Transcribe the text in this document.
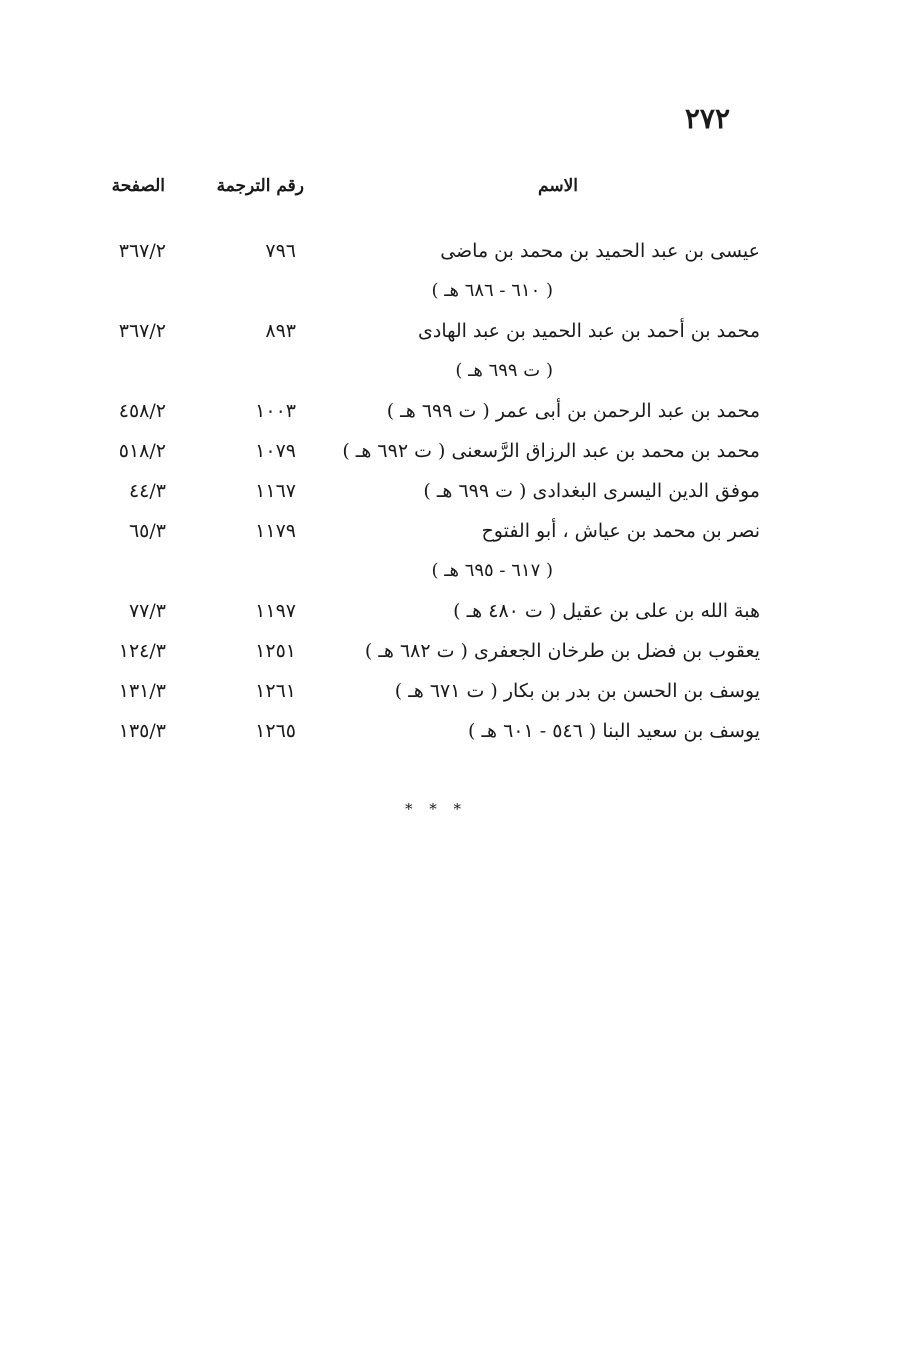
٢٧٢
الاسم
رقم الترجمة
الصفحة
عيسى بن عبد الحميد بن محمد بن ماضى
٧٩٦
٣٦٧/٢
( ٦١٠ - ٦٨٦ هـ )
محمد بن أحمد بن عبد الحميد بن عبد الهادى
٨٩٣
٣٦٧/٢
( ت ٦٩٩ هـ )
محمد بن عبد الرحمن بن أبى عمر ( ت ٦٩٩ هـ )
١٠٠٣
٤٥٨/٢
محمد بن محمد بن عبد الرزاق الرَّسعنى ( ت ٦٩٢ هـ )
١٠٧٩
٥١٨/٢
موفق الدين اليسرى البغدادى ( ت ٦٩٩ هـ )
١١٦٧
٤٤/٣
نصر بن محمد بن عياش ، أبو الفتوح
١١٧٩
٦٥/٣
( ٦١٧ - ٦٩٥ هـ )
هبة الله بن على بن عقيل ( ت ٤٨٠ هـ )
١١٩٧
٧٧/٣
يعقوب بن فضل بن طرخان الجعفرى ( ت ٦٨٢ هـ )
١٢٥١
١٢٤/٣
يوسف بن الحسن بن بدر بن بكار ( ت ٦٧١ هـ )
١٢٦١
١٣١/٣
يوسف بن سعيد البنا ( ٥٤٦ - ٦٠١ هـ )
١٢٦٥
١٣٥/٣
* * *
